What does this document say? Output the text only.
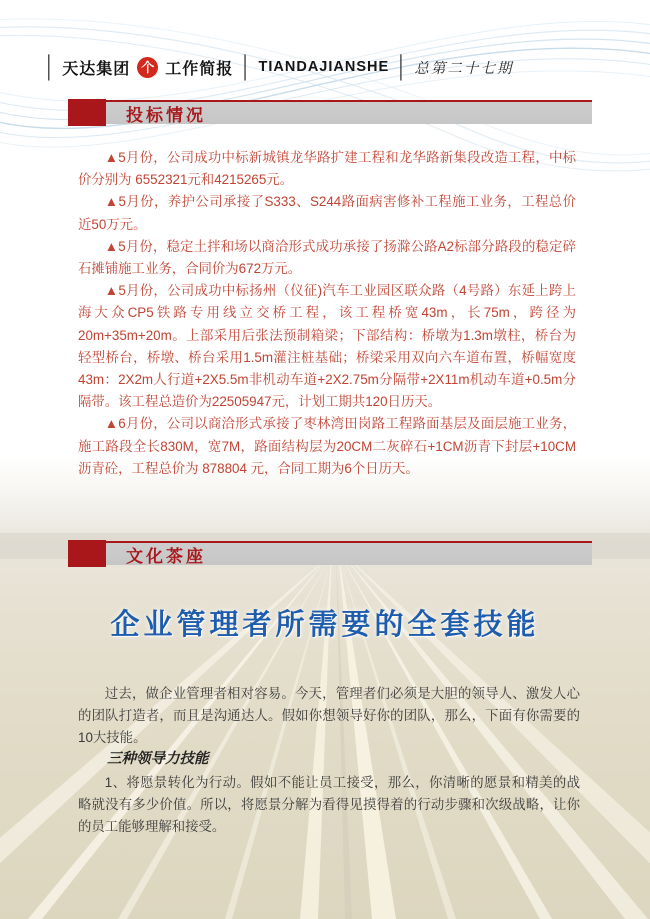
│ 天达集团 个 工作简报 │ TIANDAJIANSHE │ 总第二十七期
投标情况

▲5月份，公司成功中标新城镇龙华路扩建工程和龙华路新集段改造工程，中标价分别为 6552321元和4215265元。

▲5月份，养护公司承接了S333、S244路面病害修补工程施工业务，工程总价近50万元。

▲5月份，稳定土拌和场以商洽形式成功承接了扬滁公路A2标部分路段的稳定碎石摊铺施工业务，合同价为672万元。

▲5月份，公司成功中标扬州（仪征)汽车工业园区联众路（4号路）东延上跨上海大众CP5铁路专用线立交桥工程，该工程桥宽43m，长75m，跨径为20m+35m+20m。上部采用后张法预制箱梁；下部结构：桥墩为1.3m墩柱，桥台为轻型桥台，桥墩、桥台采用1.5m灌注桩基础；桥梁采用双向六车道布置，桥幅宽度43m：2X2m人行道+2X5.5m非机动车道+2X2.75m分隔带+2X11m机动车道+0.5m分隔带。该工程总造价为22505947元，计划工期共120日历天。

▲6月份，公司以商洽形式承接了枣林湾田岗路工程路面基层及面层施工业务，施工路段全长830M，宽7M，路面结构层为20CM二灰碎石+1CM沥青下封层+10CM沥青砼，工程总价为 878804 元，合同工期为6个日历天。

文化茶座
企业管理者所需要的全套技能

过去，做企业管理者相对容易。今天，管理者们必须是大胆的领导人、激发人心的团队打造者，而且是沟通达人。假如你想领导好你的团队，那么，下面有你需要的10大技能。

三种领导力技能

1、将愿景转化为行动。假如不能让员工接受，那么，你清晰的愿景和精美的战略就没有多少价值。所以，将愿景分解为看得见摸得着的行动步骤和次级战略，让你的员工能够理解和接受。
